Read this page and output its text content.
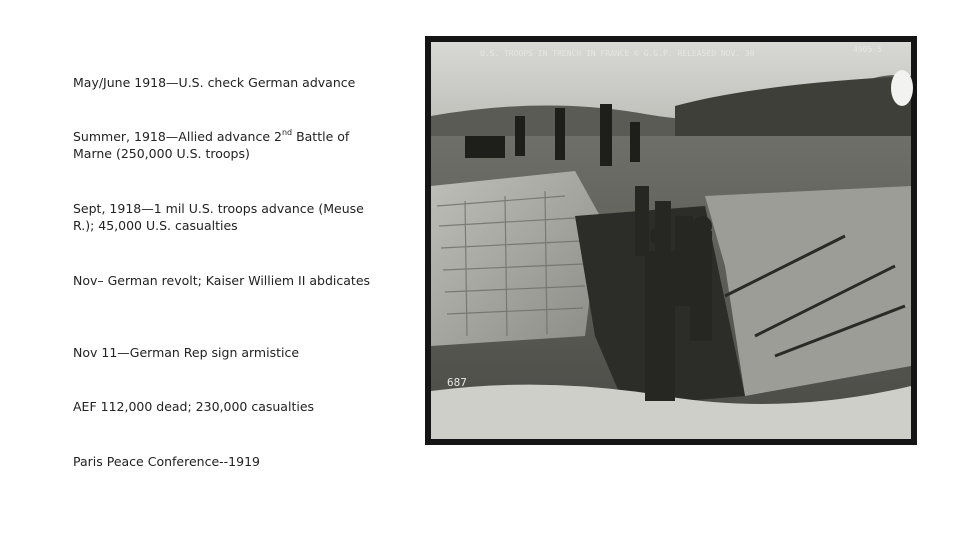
May/June 1918—U.S. check German advance
Summer, 1918—Allied advance 2nd Battle of Marne (250,000 U.S. troops)
Sept, 1918—1 mil U.S. troops advance (Meuse R.); 45,000 U.S. casualties
Nov– German revolt; Kaiser Williem II abdicates
Nov 11—German Rep sign armistice
AEF 112,000 dead; 230,000 casualties
Paris Peace Conference--1919
U.S. TROOPS IN TRENCH IN FRANCE © G.G.P. RELEASED NOV. 30	4905-5
687
